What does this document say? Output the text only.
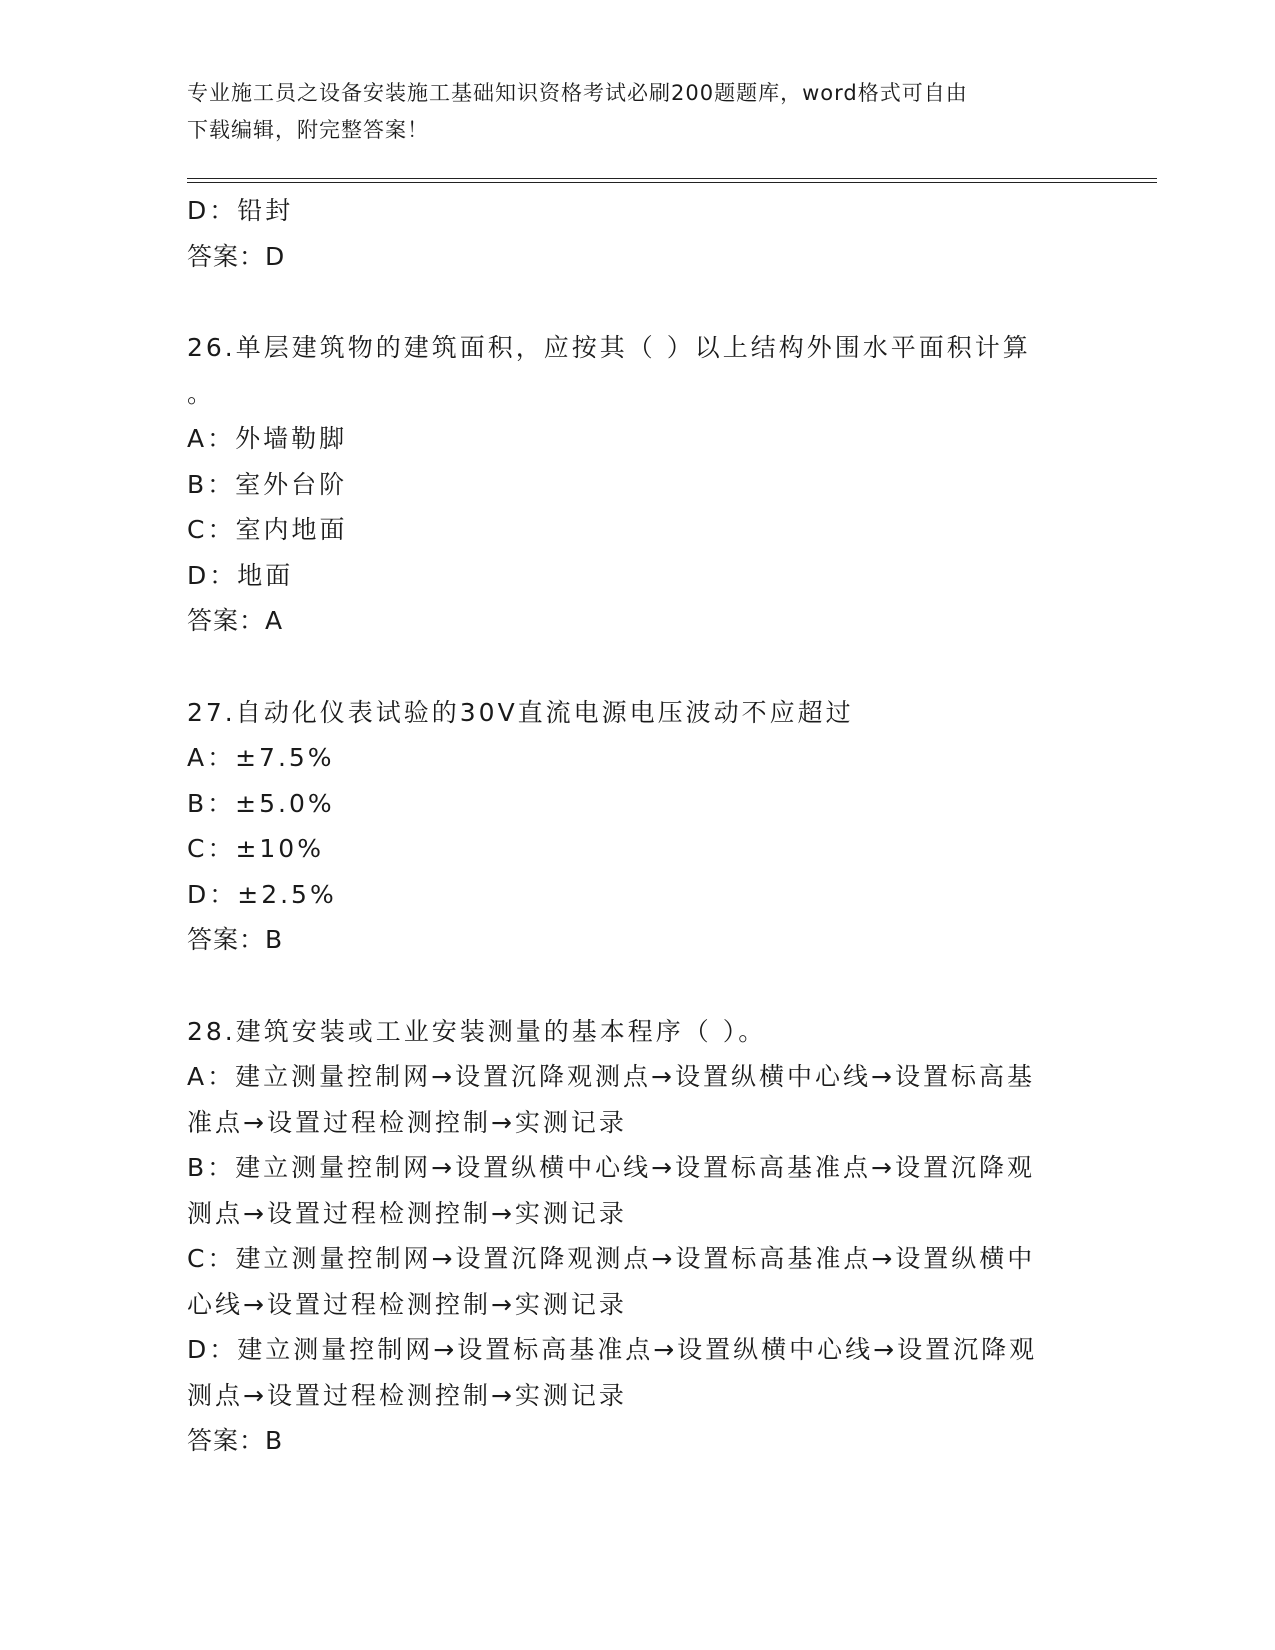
专业施工员之设备安装施工基础知识资格考试必刷200题题库，word格式可自由
下载编辑，附完整答案！
D：铅封
答案：D
26.单层建筑物的建筑面积，应按其（ ）以上结构外围水平面积计算
。
A：外墙勒脚
B：室外台阶
C：室内地面
D：地面
答案：A
27.自动化仪表试验的30V直流电源电压波动不应超过
A：±7.5%
B：±5.0%
C：±10%
D：±2.5%
答案：B
28.建筑安装或工业安装测量的基本程序（ ）。
A：建立测量控制网→设置沉降观测点→设置纵横中心线→设置标高基
准点→设置过程检测控制→实测记录
B：建立测量控制网→设置纵横中心线→设置标高基准点→设置沉降观
测点→设置过程检测控制→实测记录
C：建立测量控制网→设置沉降观测点→设置标高基准点→设置纵横中
心线→设置过程检测控制→实测记录
D：建立测量控制网→设置标高基准点→设置纵横中心线→设置沉降观
测点→设置过程检测控制→实测记录
答案：B
